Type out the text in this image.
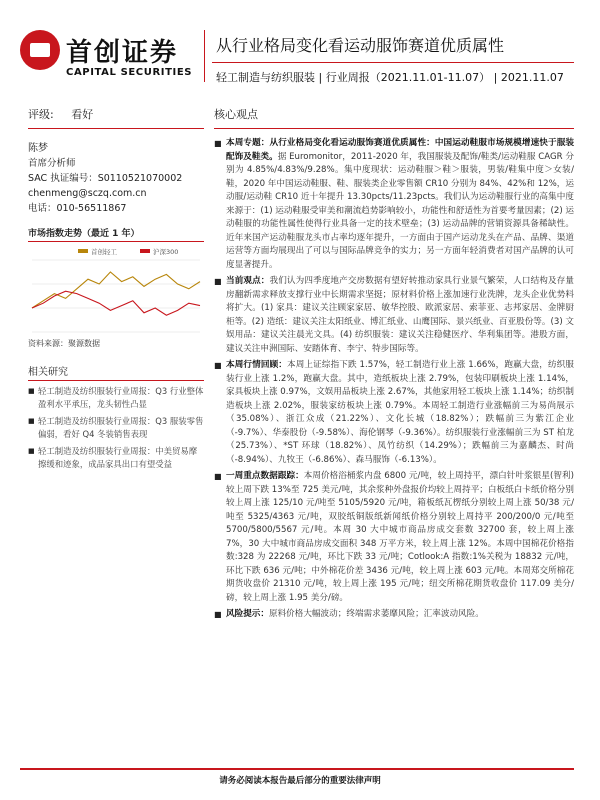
首创证券
CAPITAL SECURITIES
从行业格局变化看运动服饰赛道优质属性
轻工制造与纺织服装 | 行业周报（2021.11.01-11.07） | 2021.11.07
评级: 看好
陈梦
首席分析师
SAC 执证编号：S0110521070002
chenmeng@sczq.com.cn
电话：010-56511867
市场指数走势（最近 1 年）
首创轻工	沪深300
资料来源：聚源数据
相关研究
■ 轻工制造及纺织服装行业周报：Q3 行业整体盈利水平承压，龙头韧性凸显
■ 轻工制造及纺织服装行业周报：Q3 服装零售偏弱，看好 Q4 冬装销售表现
■ 轻工制造及纺织服装行业周报：中美贸易摩擦缓和迹象，成品家具出口有望受益
核心观点
■ 本周专题：从行业格局变化看运动服饰赛道优质属性：中国运动鞋服市场规模增速快于服装配饰及鞋类。据 Euromonitor，2011-2020 年，我国服装及配饰/鞋类/运动鞋服 CAGR 分别为 4.85%/4.83%/9.28%。集中度现状：运动鞋服＞鞋＞服装，男装/鞋集中度＞女装/鞋，2020 年中国运动鞋服、鞋、服装类企业零售额 CR10 分别为 84%、42%和 12%，运动服/运动鞋 CR10 近十年提升 13.30pcts/11.23pcts。我们认为运动鞋服行业的高集中度来源于：(1) 运动鞋服受审美和潮流趋势影响较小，功能性和舒适性为首要考量因素；(2) 运动鞋服的功能性属性使得行业具备一定的技术壁垒；(3) 运动品牌的营销资源具备稀缺性。近年来国产运动鞋服龙头市占率均逐年提升，一方面由于国产运动龙头在产品、品牌、渠道运营等方面均展现出了可以与国际品牌竞争的实力；另一方面年轻消费者对国产品牌的认可度显著提升。
■ 当前观点：我们认为四季度地产交房数据有望好转推动家具行业景气繁荣，人口结构及存量房翻新需求释放支撑行业中长期需求坚挺；原材料价格上涨加速行业洗牌，龙头企业优势料将扩大。(1) 家具：建议关注顾家家居、敏华控股、欧派家居、索菲亚、志邦家居、金牌厨柜等。(2) 造纸：建议关注太阳纸业、博汇纸业、山鹰国际、景兴纸业、百亚股份等。(3) 文娱用品：建议关注晨光文具。(4) 纺织服装：建议关注稳健医疗、华利集团等。港股方面，建议关注申洲国际、安踏体育、李宁、特步国际等。
■ 本周行情回顾：本周上证综指下跌 1.57%，轻工制造行业上涨 1.66%，跑赢大盘，纺织服装行业上涨 1.2%，跑赢大盘。其中，造纸板块上涨 2.79%，包装印刷板块上涨 1.14%，家具板块上涨 0.97%，文娱用品板块上涨 2.67%，其他家用轻工板块上涨 1.14%；纺织制造板块上涨 2.02%，服装家纺板块上涨 0.79%。本周轻工制造行业涨幅前三为易尚展示（35.08%）、浙江众成（21.22%）、文化长城（18.82%）；跌幅前三为紫江企业（-9.7%）、华泰股份（-9.58%）、海伦钢琴（-9.36%）。纺织服装行业涨幅前三为 ST 柏龙（25.73%）、*ST 环球（18.82%）、凤竹纺织（14.29%）；跌幅前三为嘉麟杰、时尚（-8.94%）、九牧王（-6.86%）、森马服饰（-6.13%）。
■ 一周重点数据跟踪：本周价格浴桶浆内盘 6800 元/吨，较上周持平，漂白针叶浆银星(智利)较上周下跌 13%至 725 美元/吨，其余浆种外盘报价均较上周持平；白板纸白卡纸价格分别较上周上涨 125/10 元/吨至 5105/5920 元/吨，箱板纸瓦楞纸分别较上周上涨 50/38 元/吨至 5325/4363 元/吨，双胶纸铜版纸新闻纸价格分别较上周持平 200/200/0 元/吨至 5700/5800/5567 元/吨。本周 30 大中城市商品房成交套数 32700 套，较上周上涨 7%，30 大中城市商品房成交面积 348 万平方米，较上周上涨 12%。本周中国棉花价格指数:328 为 22268 元/吨，环比下跌 33 元/吨；Cotlook:A 指数:1%关税为 18832 元/吨，环比下跌 636 元/吨；中外棉花价差 3436 元/吨，较上周上涨 603 元/吨。本周郑交所棉花期货收盘价 21310 元/吨，较上周上涨 195 元/吨；纽交所棉花期货收盘价 117.09 美分/磅，较上周上涨 1.95 美分/磅。
■ 风险提示：原料价格大幅波动；终端需求萎靡风险；汇率波动风险。
请务必阅读本报告最后部分的重要法律声明
